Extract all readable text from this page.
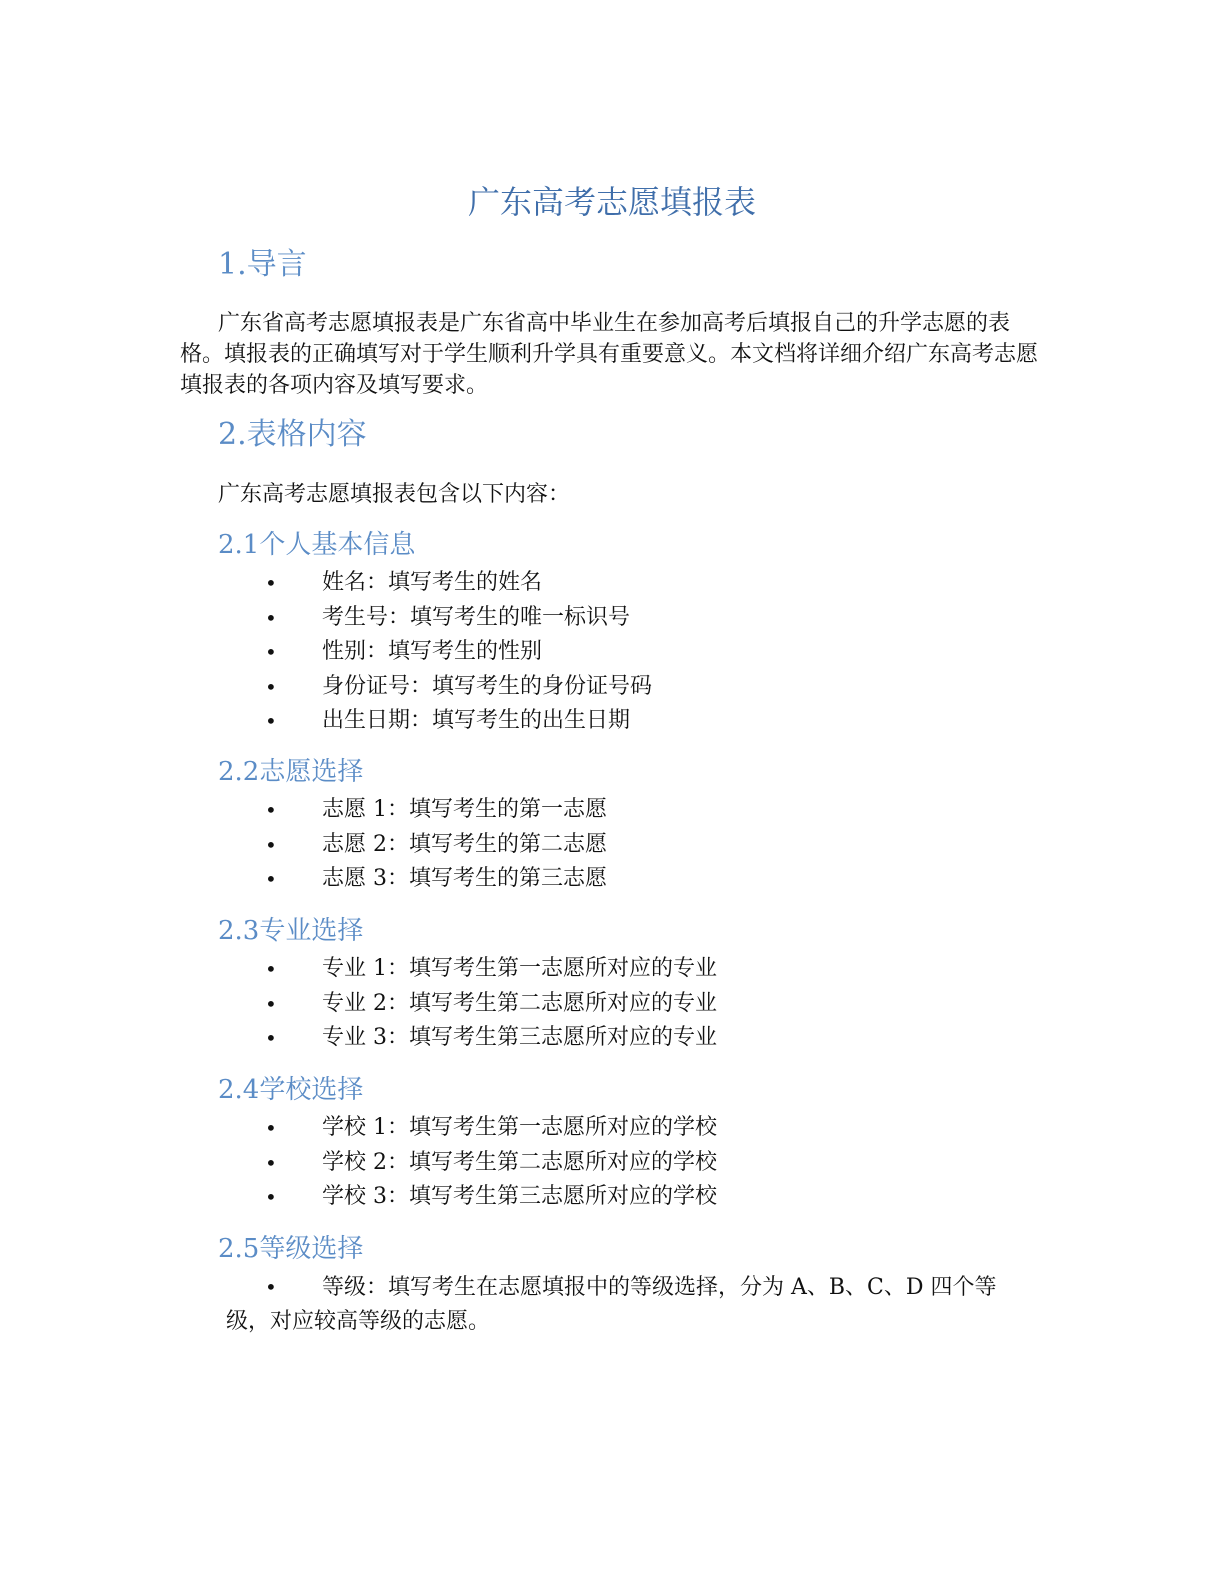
广东高考志愿填报表
1.导言
广东省高考志愿填报表是广东省高中毕业生在参加高考后填报自己的升学志愿的表格。填报表的正确填写对于学生顺利升学具有重要意义。本文档将详细介绍广东高考志愿填报表的各项内容及填写要求。
2.表格内容
广东高考志愿填报表包含以下内容：
2.1个人基本信息
• 姓名：填写考生的姓名
• 考生号：填写考生的唯一标识号
• 性别：填写考生的性别
• 身份证号：填写考生的身份证号码
• 出生日期：填写考生的出生日期
2.2志愿选择
• 志愿 1：填写考生的第一志愿
• 志愿 2：填写考生的第二志愿
• 志愿 3：填写考生的第三志愿
2.3专业选择
• 专业 1：填写考生第一志愿所对应的专业
• 专业 2：填写考生第二志愿所对应的专业
• 专业 3：填写考生第三志愿所对应的专业
2.4学校选择
• 学校 1：填写考生第一志愿所对应的学校
• 学校 2：填写考生第二志愿所对应的学校
• 学校 3：填写考生第三志愿所对应的学校
2.5等级选择
• 等级：填写考生在志愿填报中的等级选择，分为 A、B、C、D 四个等级，对应较高等级的志愿。
